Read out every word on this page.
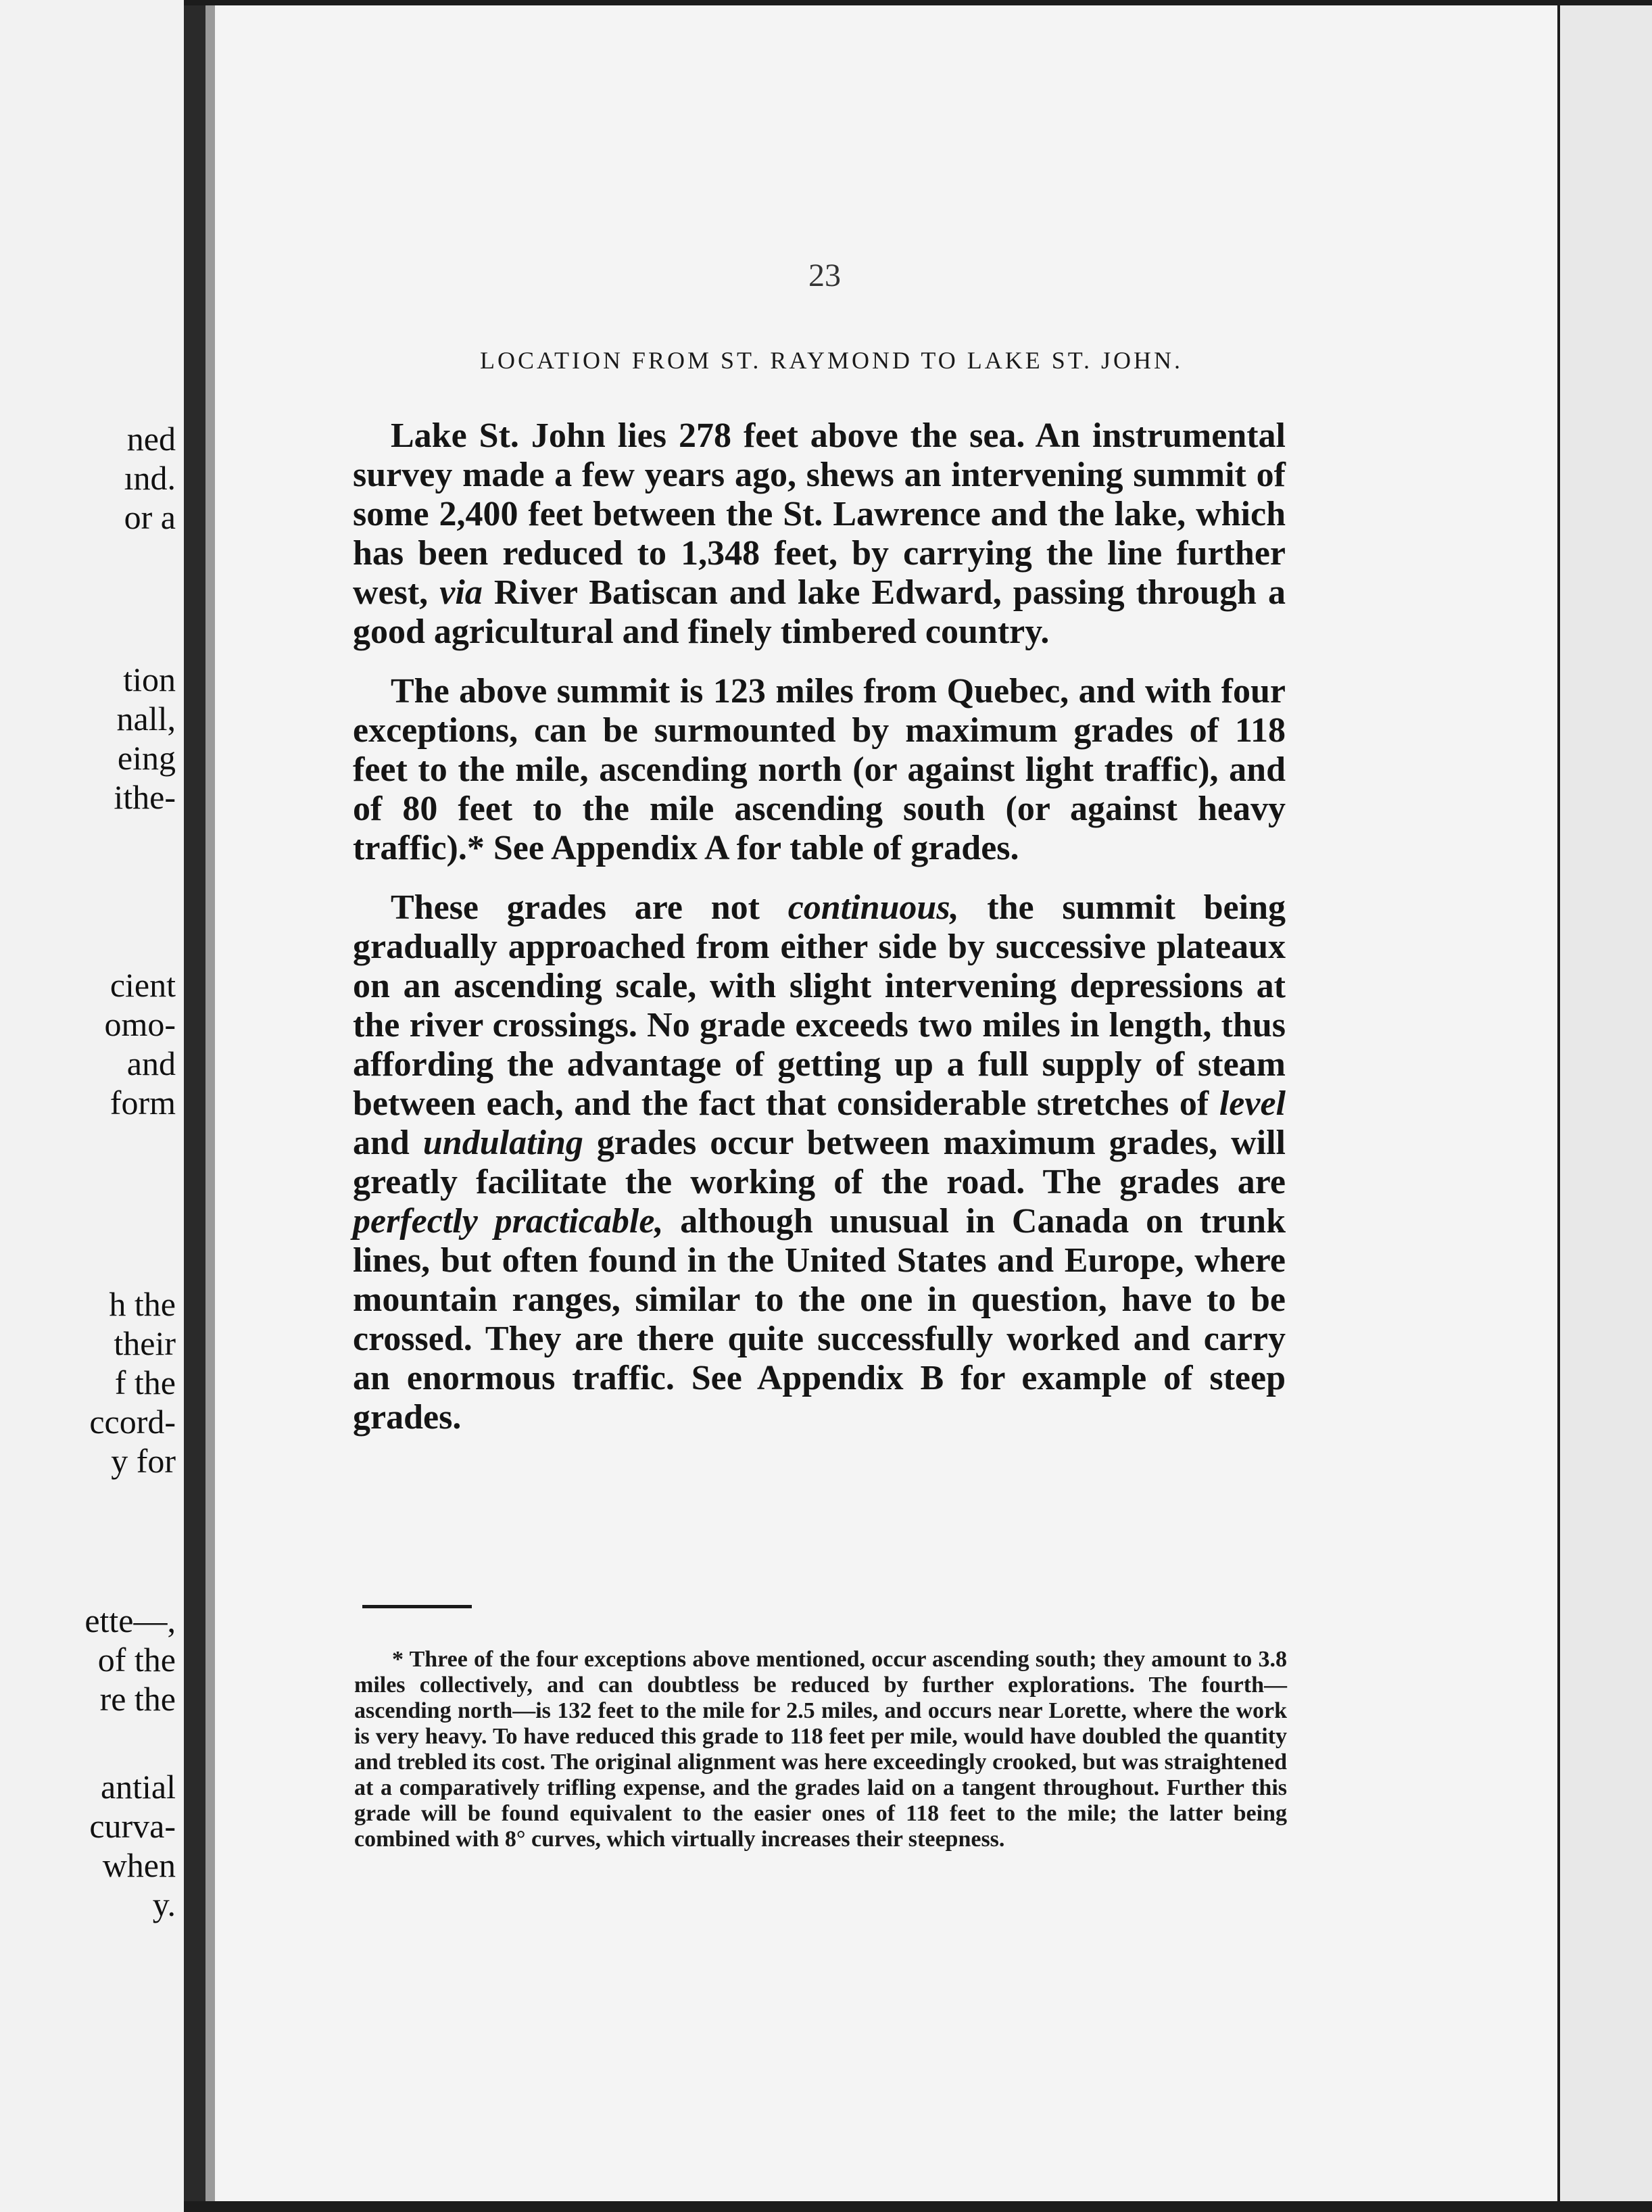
ned
ınd.
or a
tion
nall,
eing
ithe-
cient
omo-
and
form
h the
their
f the
ccord-
y for
ette—,
of the
re the
antial
curva-
when
y.
23
LOCATION FROM ST. RAYMOND TO LAKE ST. JOHN.

Lake St. John lies 278 feet above the sea. An instrumental survey made a few years ago, shews an intervening summit of some 2,400 feet between the St. Lawrence and the lake, which has been reduced to 1,348 feet, by carrying the line further west, via River Batiscan and lake Edward, passing through a good agricultural and finely timbered country.

The above summit is 123 miles from Quebec, and with four exceptions, can be surmounted by maximum grades of 118 feet to the mile, ascending north (or against light traffic), and of 80 feet to the mile ascending south (or against heavy traffic).* See Appendix A for table of grades.

These grades are not continuous, the summit being gradually approached from either side by successive plateaux on an ascending scale, with slight intervening depressions at the river crossings. No grade exceeds two miles in length, thus affording the advantage of getting up a full supply of steam between each, and the fact that considerable stretches of level and undulating grades occur between maximum grades, will greatly facilitate the working of the road. The grades are perfectly practicable, although unusual in Canada on trunk lines, but often found in the United States and Europe, where mountain ranges, similar to the one in question, have to be crossed. They are there quite successfully worked and carry an enormous traffic. See Appendix B for example of steep grades.

* Three of the four exceptions above mentioned, occur ascending south; they amount to 3.8 miles collectively, and can doubtless be reduced by further explorations. The fourth—ascending north—is 132 feet to the mile for 2.5 miles, and occurs near Lorette, where the work is very heavy. To have reduced this grade to 118 feet per mile, would have doubled the quantity and trebled its cost. The original alignment was here exceedingly crooked, but was straightened at a comparatively trifling expense, and the grades laid on a tangent throughout. Further this grade will be found equivalent to the easier ones of 118 feet to the mile; the latter being combined with 8° curves, which virtually increases their steepness.
